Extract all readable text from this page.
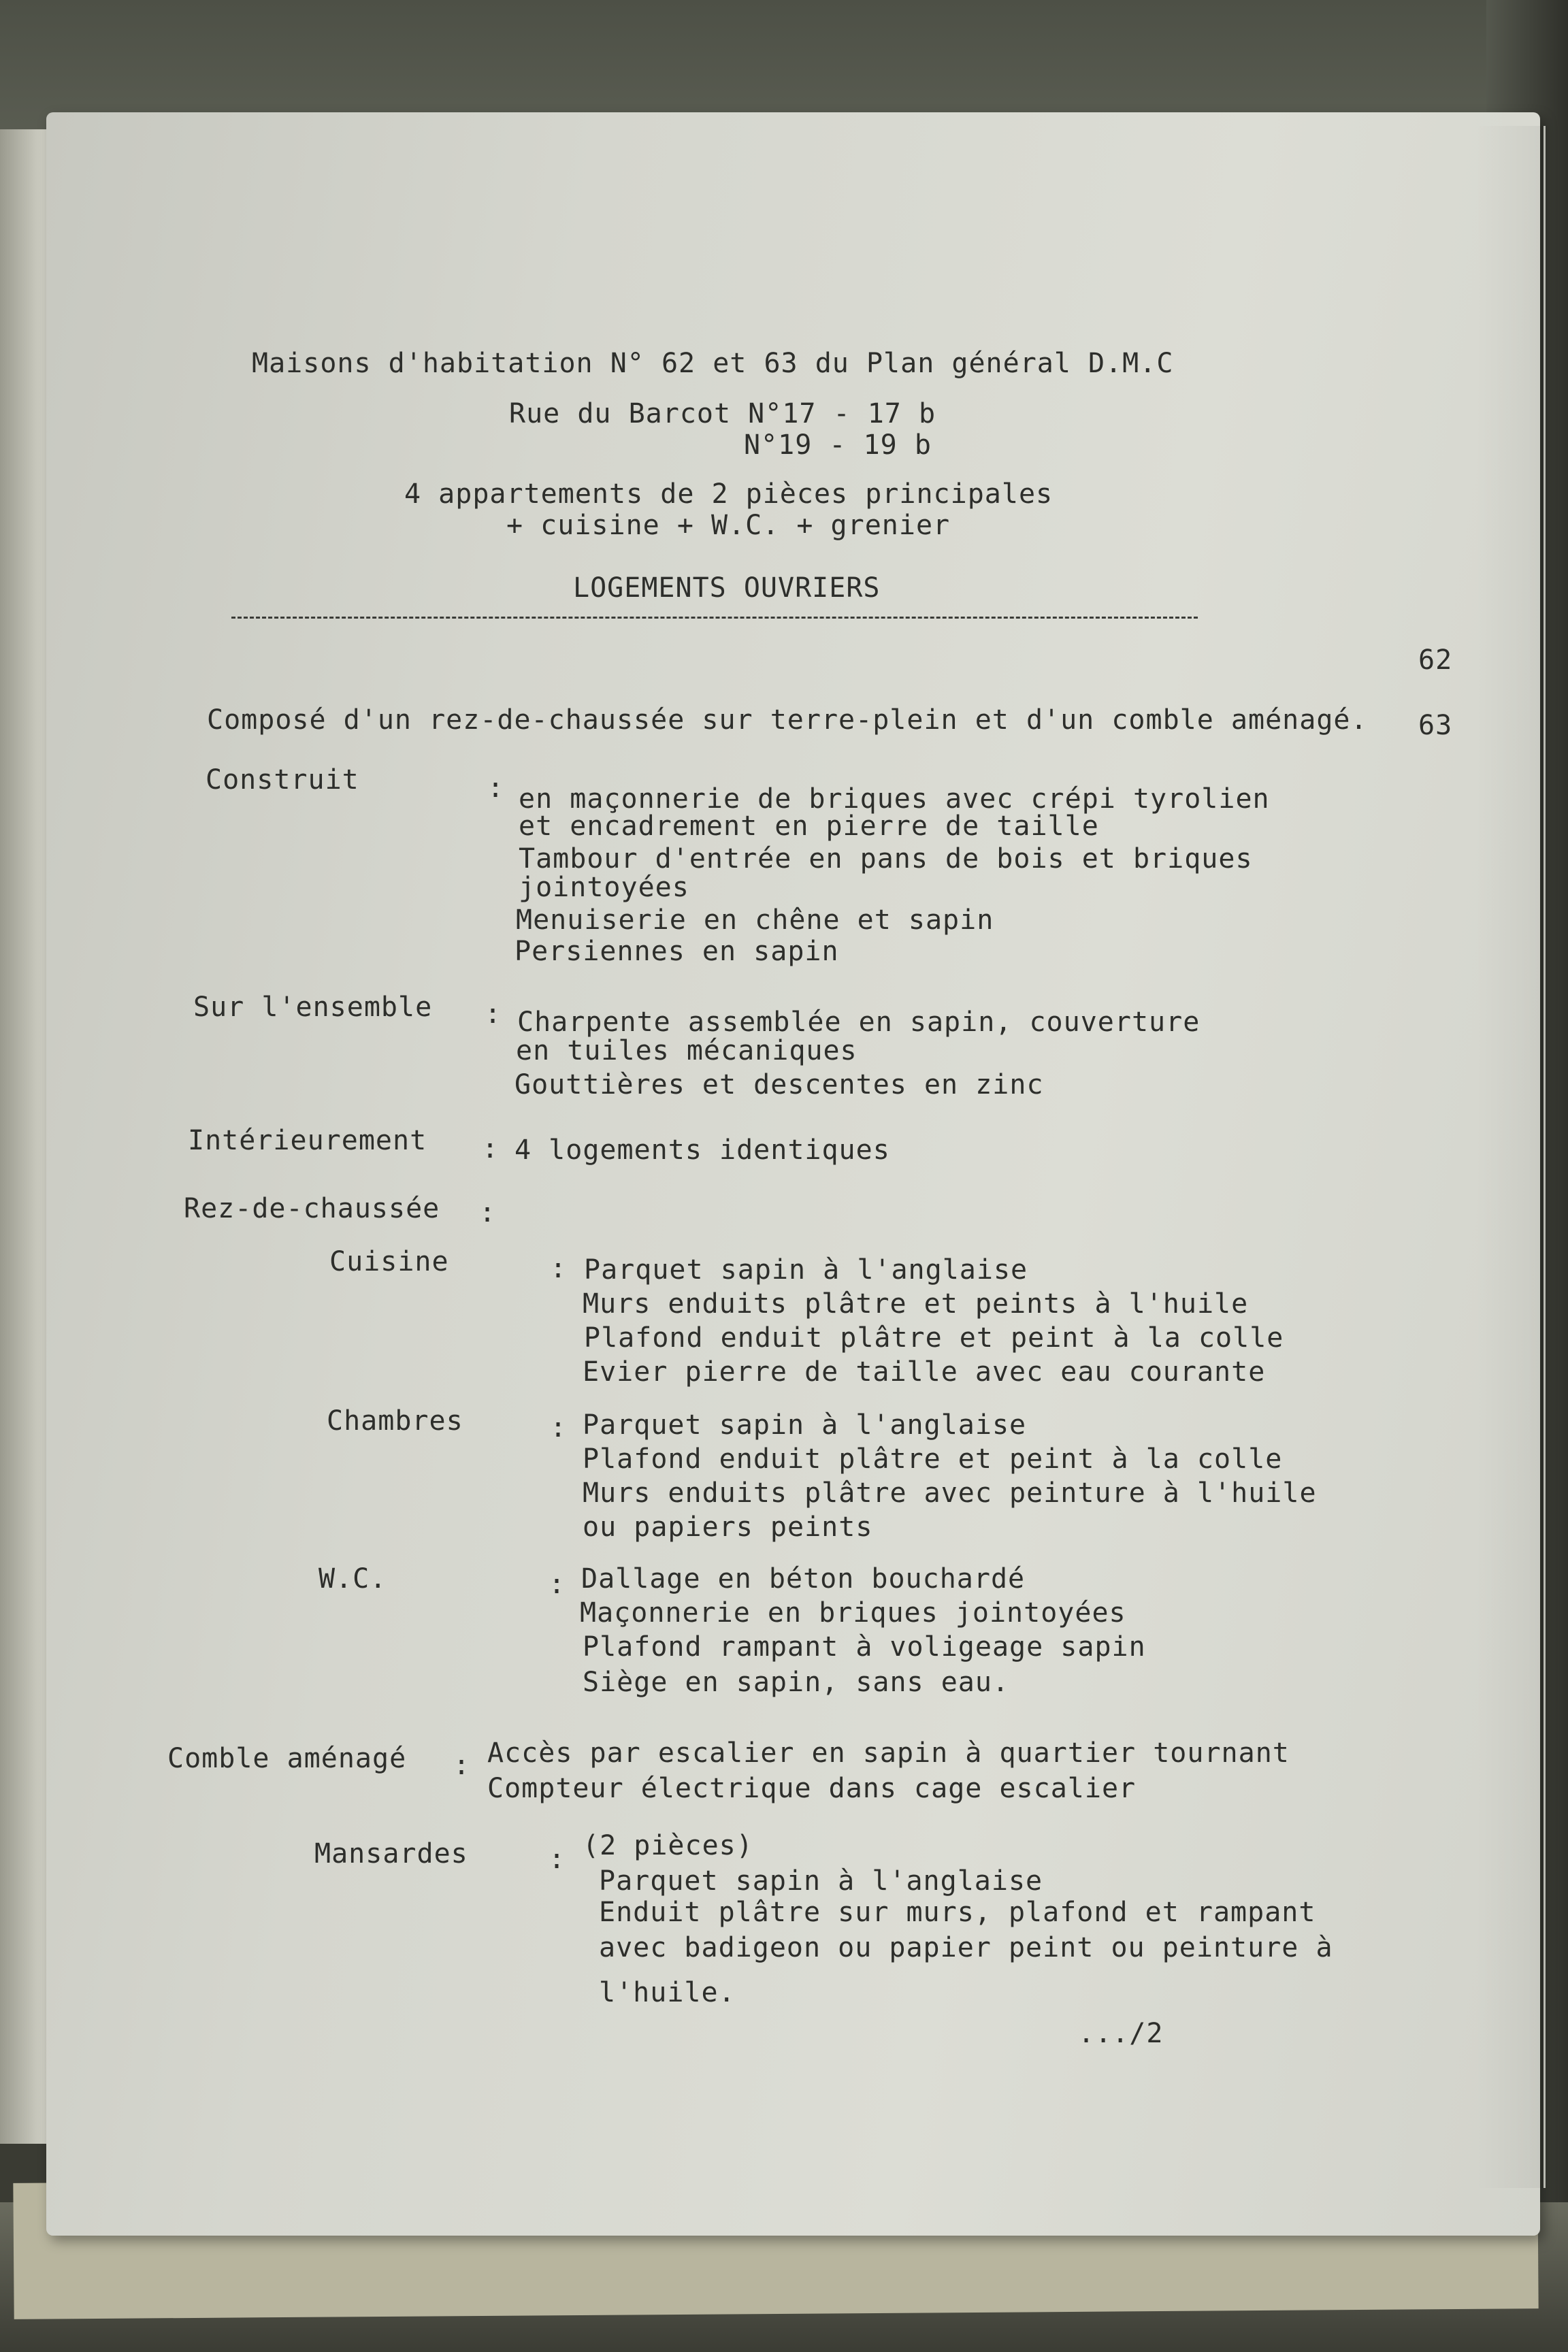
Maisons d'habitation N° 62 et 63 du Plan général D.M.C

Rue du Barcot N°17 - 17 b

N°19 - 19 b

4 appartements de 2 pièces principales

+ cuisine + W.C. + grenier

LOGEMENTS OUVRIERS

62

63

Composé d'un rez-de-chaussée sur terre-plein et d'un comble aménagé.

Construit	: en maçonnerie de briques avec crépi tyrolien

et encadrement en pierre de taille

Tambour d'entrée en pans de bois et briques

jointoyées

Menuiserie en chêne et sapin

Persiennes en sapin

Sur l'ensemble : Charpente assemblée en sapin, couverture

en tuiles mécaniques

Gouttières et descentes en zinc

Intérieurement : 4 logements identiques

Rez-de-chaussée :

Cuisine	: Parquet sapin à l'anglaise

Murs enduits plâtre et peints à l'huile

Plafond enduit plâtre et peint à la colle

Evier pierre de taille avec eau courante

Chambres	: Parquet sapin à l'anglaise

Plafond enduit plâtre et peint à la colle

Murs enduits plâtre avec peinture à l'huile

ou papiers peints

W.C.	: Dallage en béton bouchardé

Maçonnerie en briques jointoyées

Plafond rampant à voligeage sapin

Siège en sapin, sans eau.

Comble aménagé : Accès par escalier en sapin à quartier tournant

Compteur électrique dans cage escalier

Mansardes	: (2 pièces)

Parquet sapin à l'anglaise

Enduit plâtre sur murs, plafond et rampant

avec badigeon ou papier peint ou peinture à

l'huile.

.../2
